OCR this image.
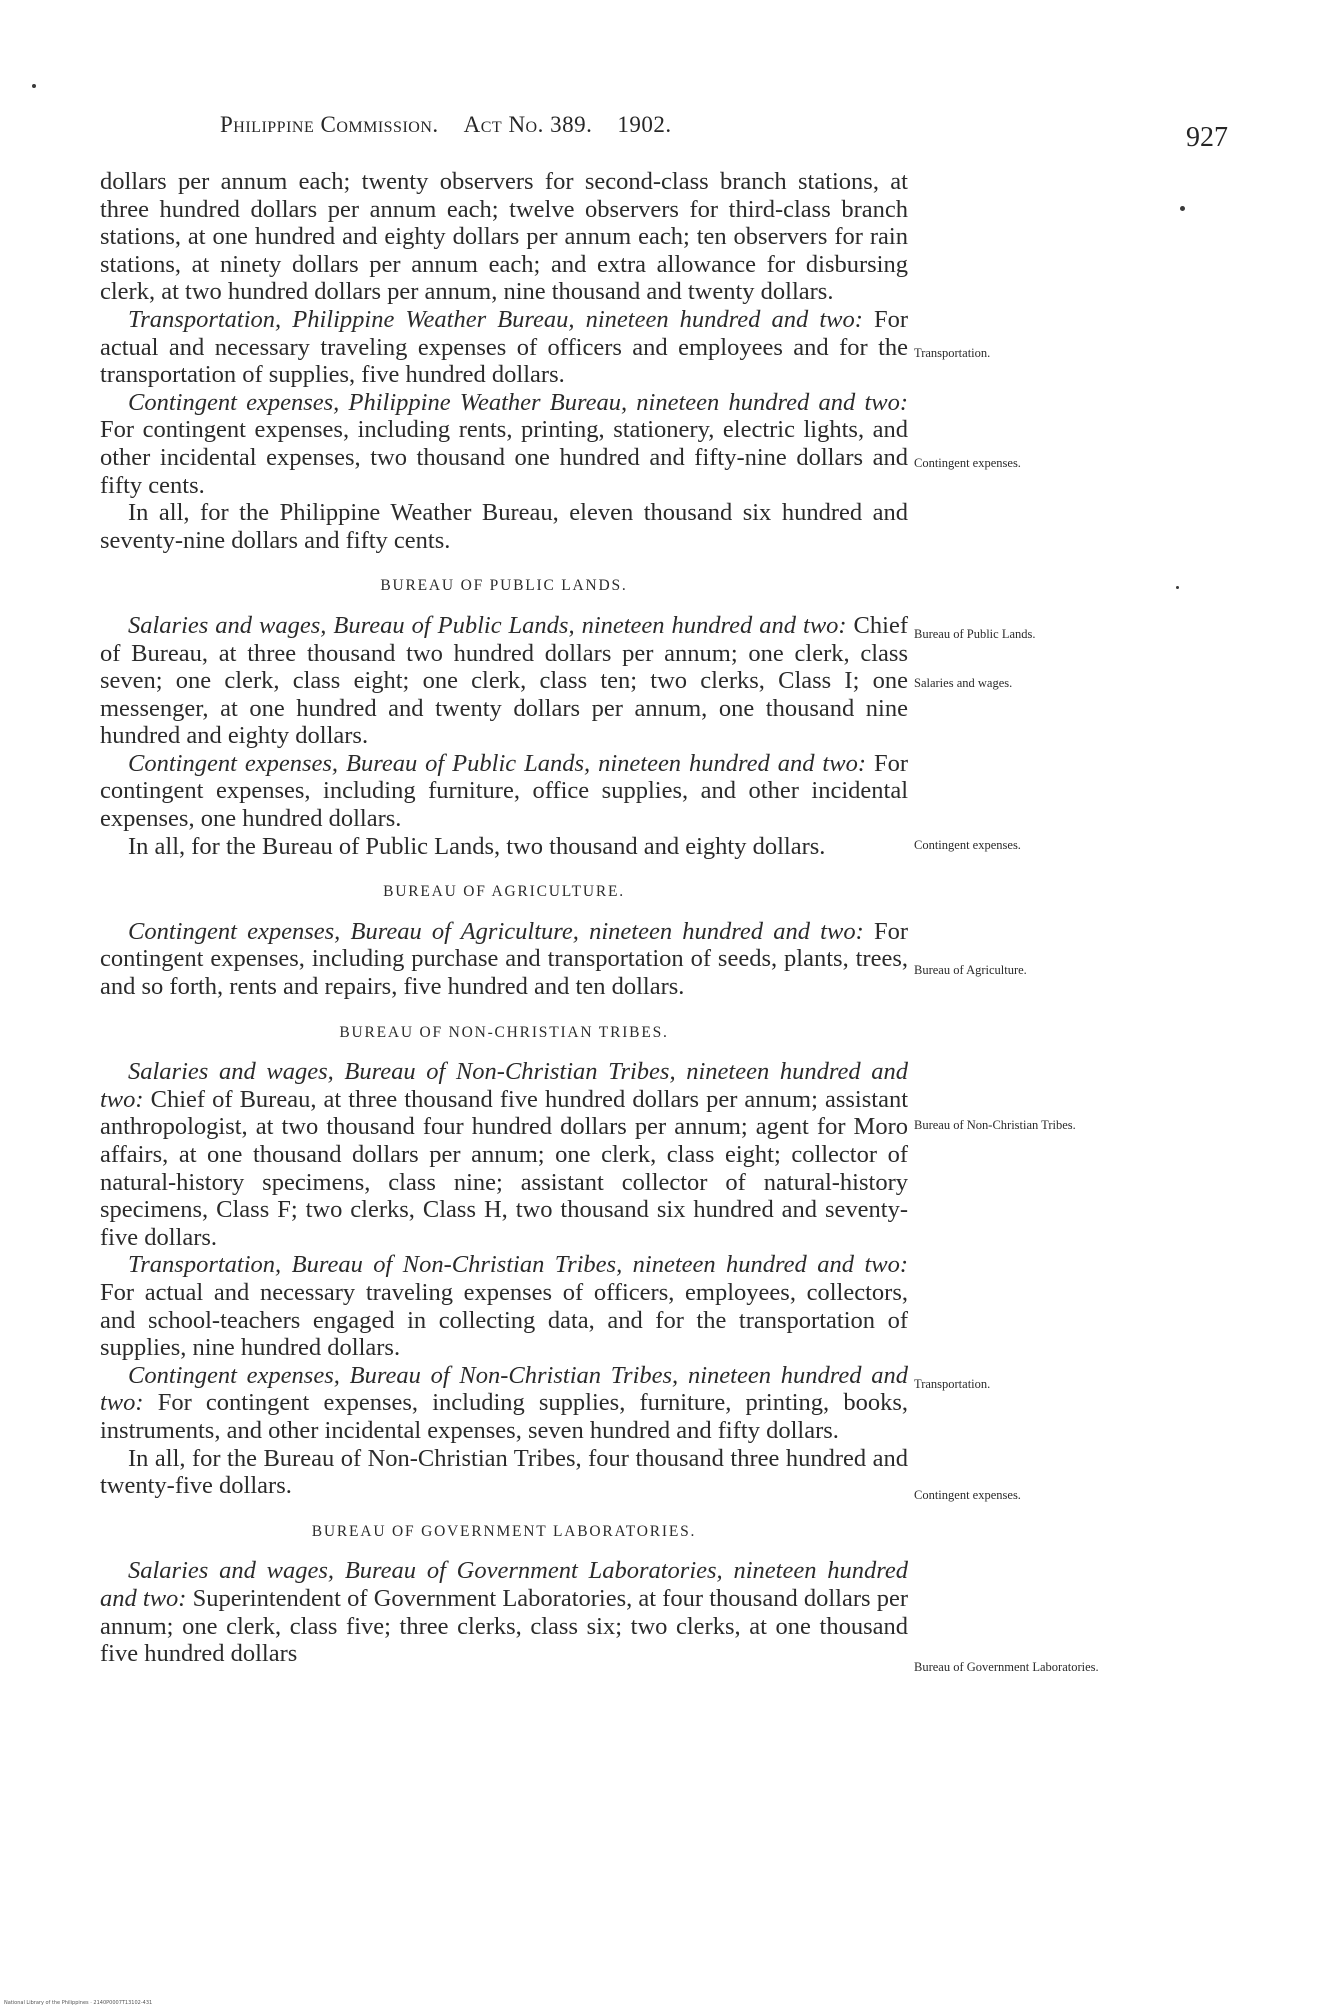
Philippine Commission. Act No. 389. 1902.	927

dollars per annum each; twenty observers for second-class branch stations, at three hundred dollars per annum each; twelve observers for third-class branch stations, at one hundred and eighty dollars per annum each; ten observers for rain stations, at ninety dollars per annum each; and extra allowance for disbursing clerk, at two hundred dollars per annum, nine thousand and twenty dollars.

Transportation, Philippine Weather Bureau, nineteen hundred and two: For actual and necessary traveling expenses of officers and employees and for the transportation of supplies, five hundred dollars.

Contingent expenses, Philippine Weather Bureau, nineteen hundred and two: For contingent expenses, including rents, printing, stationery, electric lights, and other incidental expenses, two thousand one hundred and fifty-nine dollars and fifty cents.

In all, for the Philippine Weather Bureau, eleven thousand six hundred and seventy-nine dollars and fifty cents.

BUREAU OF PUBLIC LANDS.

Salaries and wages, Bureau of Public Lands, nineteen hundred and two: Chief of Bureau, at three thousand two hundred dollars per annum; one clerk, class seven; one clerk, class eight; one clerk, class ten; two clerks, Class I; one messenger, at one hundred and twenty dollars per annum, one thousand nine hundred and eighty dollars.

Contingent expenses, Bureau of Public Lands, nineteen hundred and two: For contingent expenses, including furniture, office supplies, and other incidental expenses, one hundred dollars.

In all, for the Bureau of Public Lands, two thousand and eighty dollars.

BUREAU OF AGRICULTURE.

Contingent expenses, Bureau of Agriculture, nineteen hundred and two: For contingent expenses, including purchase and transportation of seeds, plants, trees, and so forth, rents and repairs, five hundred and ten dollars.

BUREAU OF NON-CHRISTIAN TRIBES.

Salaries and wages, Bureau of Non-Christian Tribes, nineteen hundred and two: Chief of Bureau, at three thousand five hundred dollars per annum; assistant anthropologist, at two thousand four hundred dollars per annum; agent for Moro affairs, at one thousand dollars per annum; one clerk, class eight; collector of natural-history specimens, class nine; assistant collector of natural-history specimens, Class F; two clerks, Class H, two thousand six hundred and seventy-five dollars.

Transportation, Bureau of Non-Christian Tribes, nineteen hundred and two: For actual and necessary traveling expenses of officers, employees, collectors, and school-teachers engaged in collecting data, and for the transportation of supplies, nine hundred dollars.

Contingent expenses, Bureau of Non-Christian Tribes, nineteen hundred and two: For contingent expenses, including supplies, furniture, printing, books, instruments, and other incidental expenses, seven hundred and fifty dollars.

In all, for the Bureau of Non-Christian Tribes, four thousand three hundred and twenty-five dollars.

BUREAU OF GOVERNMENT LABORATORIES.

Salaries and wages, Bureau of Government Laboratories, nineteen hundred and two: Superintendent of Government Laboratories, at four thousand dollars per annum; one clerk, class five; three clerks, class six; two clerks, at one thousand five hundred dollars

Transportation.
Contingent expenses.
Bureau of Public Lands.
Salaries and wages.
Contingent expenses.
Bureau of Agriculture.
Bureau of Non-Christian Tribes.
Transportation.
Contingent expenses.
Bureau of Government Laboratories.
National Library of the Philippines · 2140P0007T13102-431
